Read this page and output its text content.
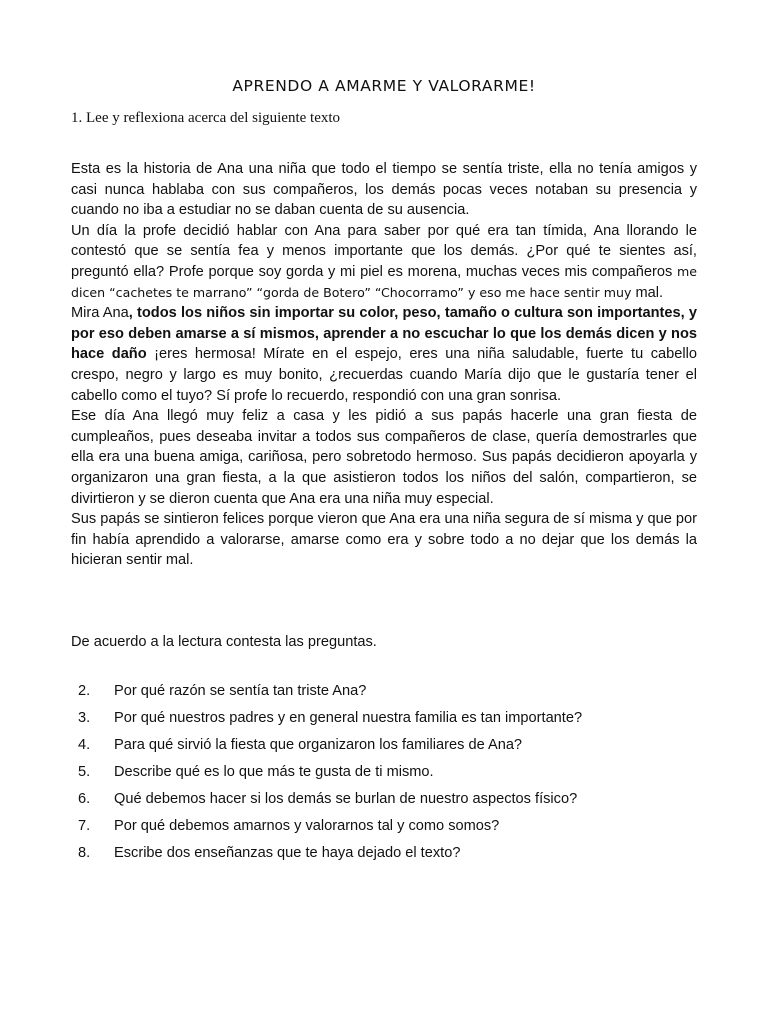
APRENDO A AMARME Y VALORARME!
1. Lee y reflexiona acerca del siguiente texto

Esta es la historia de Ana una niña que todo el tiempo se sentía triste, ella no tenía amigos y casi nunca hablaba con sus compañeros, los demás pocas veces notaban su presencia y cuando no iba a estudiar no se daban cuenta de su ausencia.

Un día la profe decidió hablar con Ana para saber por qué era tan tímida, Ana llorando le contestó que se sentía fea y menos importante que los demás. ¿Por qué te sientes así, preguntó ella? Profe porque soy gorda y mi piel es morena, muchas veces mis compañeros me dicen “cachetes te marrano” “gorda de Botero” “Chocorramo” y eso me hace sentir muy mal.

Mira Ana, todos los niños sin importar su color, peso, tamaño o cultura son importantes, y por eso deben amarse a sí mismos, aprender a no escuchar lo que los demás dicen y nos hace daño ¡eres hermosa! Mírate en el espejo, eres una niña saludable, fuerte tu cabello crespo, negro y largo es muy bonito, ¿recuerdas cuando María dijo que le gustaría tener el cabello como el tuyo? Sí profe lo recuerdo, respondió con una gran sonrisa.

Ese día Ana llegó muy feliz a casa y les pidió a sus papás hacerle una gran fiesta de cumpleaños, pues deseaba invitar a todos sus compañeros de clase, quería demostrarles que ella era una buena amiga, cariñosa, pero sobretodo hermoso. Sus papás decidieron apoyarla y organizaron una gran fiesta, a la que asistieron todos los niños del salón, compartieron, se divirtieron y se dieron cuenta que Ana era una niña muy especial.

Sus papás se sintieron felices porque vieron que Ana era una niña segura de sí misma y que por fin había aprendido a valorarse, amarse como era y sobre todo a no dejar que los demás la hicieran sentir mal.

De acuerdo a la lectura contesta las preguntas.
2.	Por qué razón se sentía tan triste Ana?
3.	Por qué nuestros padres y en general nuestra familia es tan importante?
4.	Para qué sirvió la fiesta que organizaron los familiares de Ana?
5.	Describe qué es lo que más te gusta de ti mismo.
6.	Qué debemos hacer si los demás se burlan de nuestro aspectos físico?
7.	Por qué debemos amarnos y valorarnos tal y como somos?
8.	Escribe dos enseñanzas que te haya dejado el texto?
